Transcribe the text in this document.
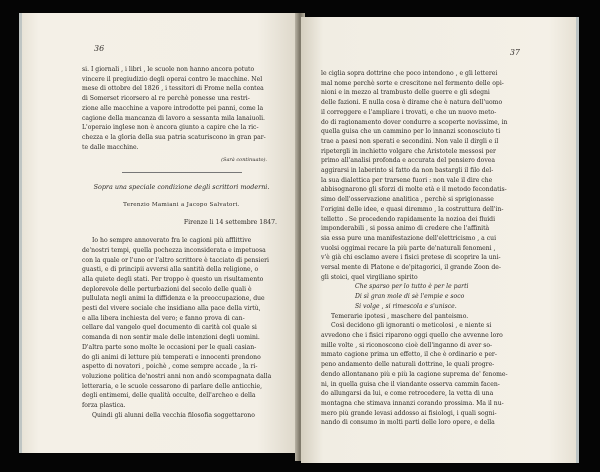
36
si. I giornali , i libri , le scuole non hanno ancora potuto
vincere il pregiudizio degli operai contro le macchine. Nel
mese di ottobre del 1826 , i tessitori di Frome nella contea
di Somerset ricorsero al re perchè ponesse una restri-
zione alle macchine a vapore introdotte pei panni, come la
cagione della mancanza di lavoro a sessanta mila lanaiuoli.
L'operaio inglese non è ancora giunto a capire che la ric-
chezza e la gloria della sua patria scaturiscono in gran par-
te dalle macchine.
(Sarà continuato).
Sopra una speciale condizione degli scrittori moderni.
Terenzio Mamiani a Jacopo Salvatori.
Firenze li 14 settembre 1847.
Io ho sempre annoverato fra le cagioni più afflittive
de'nostri tempi, quella pochezza inconsiderata e impetuosa
con la quale or l'uno or l'altro scrittore è tacciato di pensieri
guasti, e di principii avversi alla santità della religione, o
alla quiete degli stati. Per troppo è questo un risultamento
deplorevole delle perturbazioni del secolo delle quali è
pullulata negli animi la diffidenza e la preoccupazione, due
pesti del vivere sociale che insidiano alla pace della virtù,
e alla libera inchiesta del vero; e fanno prova di can-
cellare dal vangelo quel documento di carità col quale si
comanda di non sentir male delle intenzioni degli uomini.
D'altra parte sono molte le occasioni per le quali casian-
do gli animi di letture più temperati e innocenti prendono
aspetto di novatori , poichè , come sempre accade , la ri-
voluzione politica de'nostri anni non andò scompagnata dalla
letteraria, e le scuole cessarono di parlare delle anticchie,
degli entimemi, delle qualità occulte, dell'archeo e della
forza plastica.
Quindi gli alunni della vecchia filosofia soggettarono
37
le ciglia sopra dottrine che poco intendono , e gli letterei
mal nome perchè sorte e crescitone nel fermento delle opi-
nioni e in mezzo al trambusto delle guerre e gli sdegni
delle fazioni. E nulla cosa è dirame che è natura dell'uomo
il correggere e l'ampliare i trovati, e che un nuovo meto-
do di ragionamento dover condurre a scoperte novissime, in
quella guisa che un cammino per lo innanzi sconosciuto ti
trae a paesi non sperati e secondini. Non vale il dirgli e il
ripetergli in inchietto volgare che Aristotele messosi per
primo all'analisi profonda e accurata del pensiero dovea
aggirarsi in laberinto sì fatto da non bastargli il filo del-
la sua dialettica per trarsene fuori : non vale il dire che
abbisognarono gli sforzi di molte età e il metodo fecondatis-
simo dell'osservazione analitica , perchè si sprigionasse
l'origini delle idee, e quasi diremmo , la costruttura dell'in-
telletto . Se procedendo rapidamente la nozioa dei fluidi
imponderabili , si possa animo di credere che l'affinità
sia essa pure una manifestazione dell'elettricismo , a cui
vuolsi oggimai recare la più parte de'naturali fenomeni ,
v'è già chi esclamo avere i fisici pretese di scoprire la uni-
versal mente di Platone e de'pitagorici, il grande Zoon de-
gli stoici, quel virgiliano spirito
Che sparso per lo tutto è per le parti
Di sì gran mole di sè l'empie e soco
Si volge , si rimescola e s'unisce.
Temerarie ipotesi , maschere del panteismo.
Così decidono gli ignoranti o meticolosi , e niente si
avvedono che i fisici riparono oggi quello che avvenne loro
mille volte , si riconoscono cioè dell'inganno di aver so-
mmato cagione prima un effetto, il che è ordinario e per-
peno andamento delle naturali dottrine, le quali progre-
dendo allontanano più e più la cagione suprema de' fenome-
ni, in quella guisa che il viandante osserva cammin facen-
do allungarsi da lui, e come retrocedere, la vetta di una
montagna che stimava innanzi corando prossima. Ma il nu-
mero più grande levasi addosso ai fisiologi, i quali sogni-
nando di consumo in molti parti delle loro opere, e della
